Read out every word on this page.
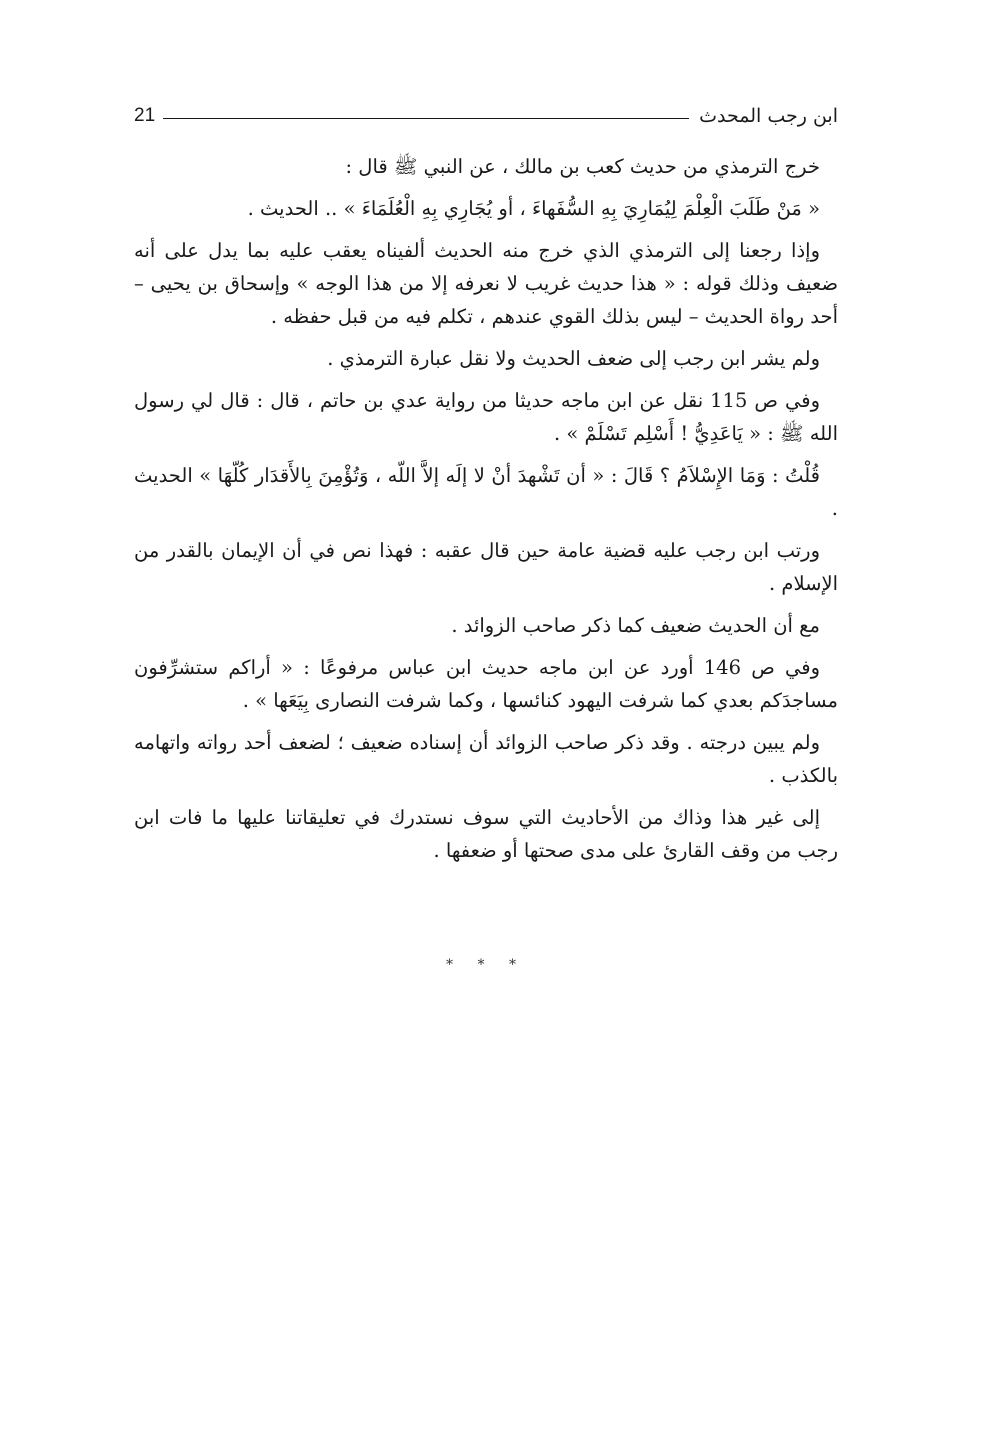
ابن رجب المحدث
21

خرج الترمذي من حديث كعب بن مالك ، عن النبي ﷺ قال :

« مَنْ طَلَبَ الْعِلْمَ لِيُمَارِيَ بِهِ السُّفَهاءَ ، أو يُجَارِي بِهِ الْعُلَمَاءَ » .. الحديث .

وإذا رجعنا إلى الترمذي الذي خرج منه الحديث ألفيناه يعقب عليه بما يدل على أنه ضعيف وذلك قوله : « هذا حديث غريب لا نعرفه إلا من هذا الوجه » وإسحاق بن يحيى – أحد رواة الحديث – ليس بذلك القوي عندهم ، تكلم فيه من قبل حفظه .

ولم يشر ابن رجب إلى ضعف الحديث ولا نقل عبارة الترمذي .

وفي ص 115 نقل عن ابن ماجه حديثا من رواية عدي بن حاتم ، قال : قال لي رسول الله ﷺ : « يَاعَدِيُّ ! أَسْلِم تَسْلَمْ » .

قُلْتُ : وَمَا الإِسْلاَمُ ؟ قَالَ : « أن تَشْهدَ أنْ لا إلَه إلاَّ اللّه ، وَتُؤْمِنَ بِالأَقدَار كُلّهَا » الحديث .

ورتب ابن رجب عليه قضية عامة حين قال عقبه : فهذا نص في أن الإيمان بالقدر من الإسلام .

مع أن الحديث ضعيف كما ذكر صاحب الزوائد .

وفي ص 146 أورد عن ابن ماجه حديث ابن عباس مرفوعًا : « أراكم ستشرِّفون مساجدَكم بعدي كما شرفت اليهود كنائسها ، وكما شرفت النصارى بِيَعَها » .

ولم يبين درجته . وقد ذكر صاحب الزوائد أن إسناده ضعيف ؛ لضعف أحد رواته واتهامه بالكذب .

إلى غير هذا وذاك من الأحاديث التي سوف نستدرك في تعليقاتنا عليها ما فات ابن رجب من وقف القارئ على مدى صحتها أو ضعفها .

* * *
